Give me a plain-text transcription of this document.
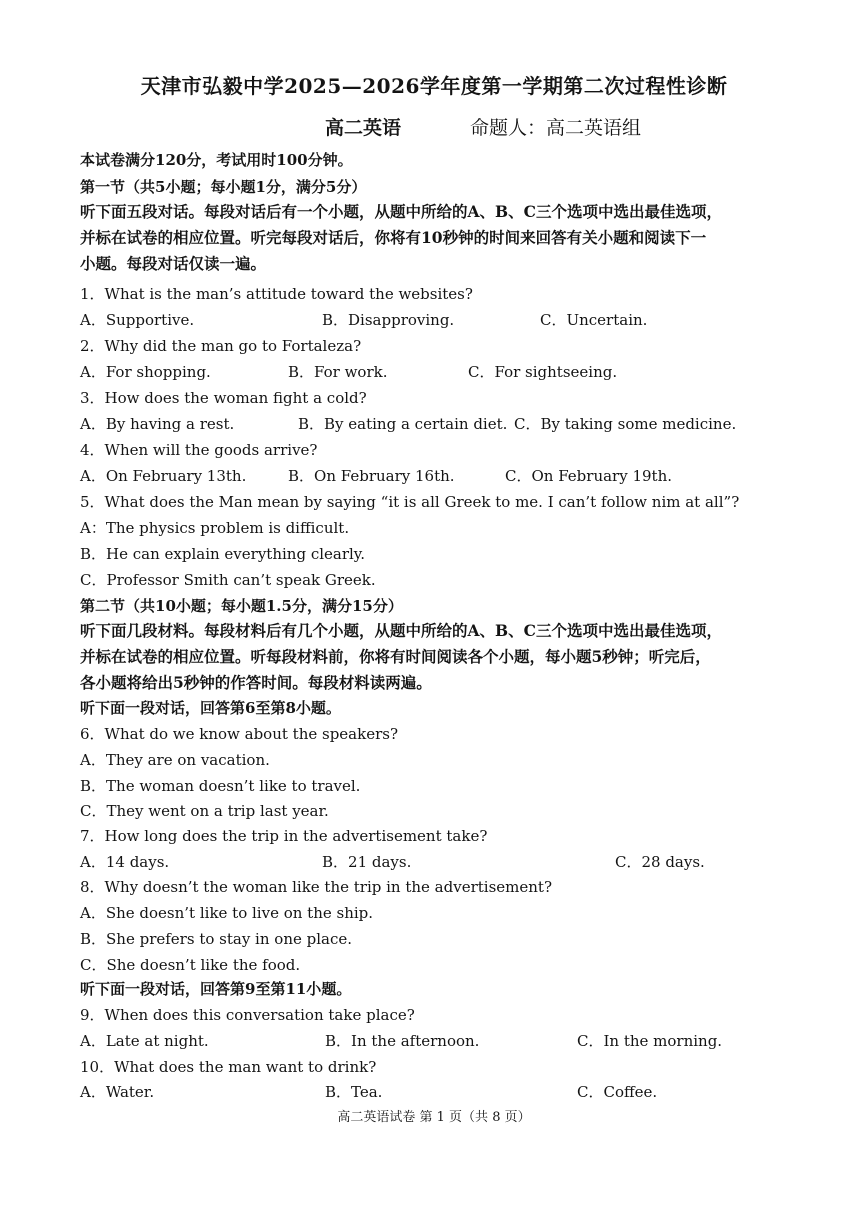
天津市弘毅中学2025—2026学年度第一学期第二次过程性诊断
高二英语	命题人：高二英语组
本试卷满分120分，考试用时100分钟。
第一节（共5小题；每小题1分，满分5分）
听下面五段对话。每段对话后有一个小题，从题中所给的A、B、C三个选项中选出最佳选项，
并标在试卷的相应位置。听完每段对话后，你将有10秒钟的时间来回答有关小题和阅读下一
小题。每段对话仅读一遍。
1．What is the man’s attitude toward the websites?
A．Supportive.	B．Disapproving.	C．Uncertain.
2．Why did the man go to Fortaleza?
A．For shopping.	B．For work.	C．For sightseeing.
3．How does the woman fight a cold?
A．By having a rest.	B．By eating a certain diet. C．By taking some medicine.
4．When will the goods arrive?
A．On February 13th.	B．On February 16th.	C．On February 19th.
5．What does the Man mean by saying “it is all Greek to me. I can’t follow nim at all”?
A：The physics problem is difficult.
B．He can explain everything clearly.
C．Professor Smith can’t speak Greek.
第二节（共10小题；每小题1.5分，满分15分）
听下面几段材料。每段材料后有几个小题，从题中所给的A、B、C三个选项中选出最佳选项，
并标在试卷的相应位置。听每段材料前，你将有时间阅读各个小题，每小题5秒钟；听完后，
各小题将给出5秒钟的作答时间。每段材料读两遍。
听下面一段对话，回答第6至第8小题。
6．What do we know about the speakers?
A．They are on vacation.
B．The woman doesn’t like to travel.
C．They went on a trip last year.
7．How long does the trip in the advertisement take?
A．14 days.	B．21 days.	C．28 days.
8．Why doesn’t the woman like the trip in the advertisement?
A．She doesn’t like to live on the ship.
B．She prefers to stay in one place.
C．She doesn’t like the food.
听下面一段对话，回答第9至第11小题。
9．When does this conversation take place?
A．Late at night.	B．In the afternoon.	C．In the morning.
10．What does the man want to drink?
A．Water.	B．Tea.	C．Coffee.
高二英语试卷 第 1 页（共 8 页）
